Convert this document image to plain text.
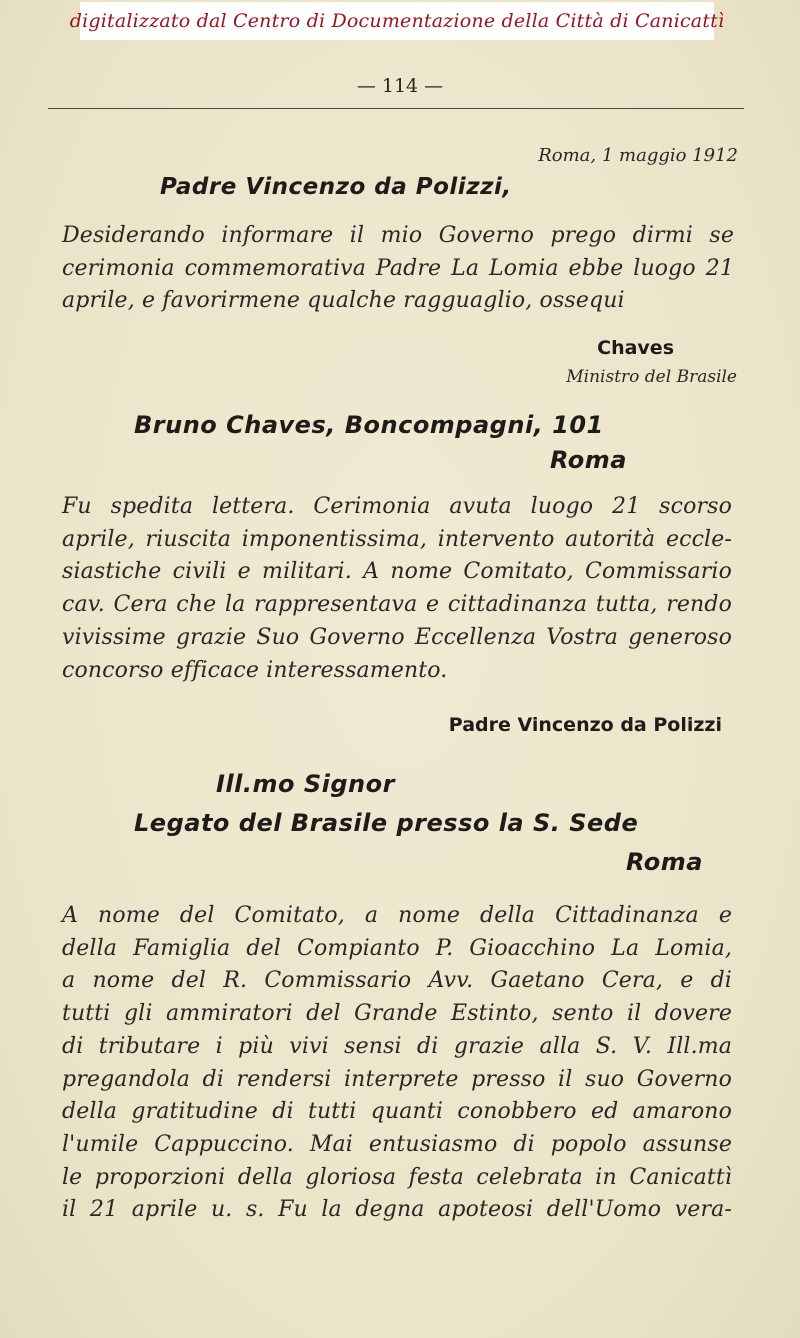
digitalizzato dal Centro di Documentazione della Città di Canicattì
— 114 —
Roma, 1 maggio 1912
Padre Vincenzo da Polizzi,
Desiderando informare il mio Governo prego dirmi se
cerimonia commemorativa Padre La Lomia ebbe luogo 21
aprile, e favorirmene qualche ragguaglio, ossequi
Chaves
Ministro del Brasile
Bruno Chaves, Boncompagni, 101
Roma
Fu spedita lettera. Cerimonia avuta luogo 21 scorso
aprile, riuscita imponentissima, intervento autorità eccle-
siastiche civili e militari. A nome Comitato, Commissario
cav. Cera che la rappresentava e cittadinanza tutta, rendo
vivissime grazie Suo Governo Eccellenza Vostra generoso
concorso efficace interessamento.
Padre Vincenzo da Polizzi
Ill.mo Signor
Legato del Brasile presso la S. Sede
Roma
A nome del Comitato, a nome della Cittadinanza e
della Famiglia del Compianto P. Gioacchino La Lomia,
a nome del R. Commissario Avv. Gaetano Cera, e di
tutti gli ammiratori del Grande Estinto, sento il dovere
di tributare i più vivi sensi di grazie alla S. V. Ill.ma
pregandola di rendersi interprete presso il suo Governo
della gratitudine di tutti quanti conobbero ed amarono
l'umile Cappuccino. Mai entusiasmo di popolo assunse
le proporzioni della gloriosa festa celebrata in Canicattì
il 21 aprile u. s. Fu la degna apoteosi dell'Uomo vera-
